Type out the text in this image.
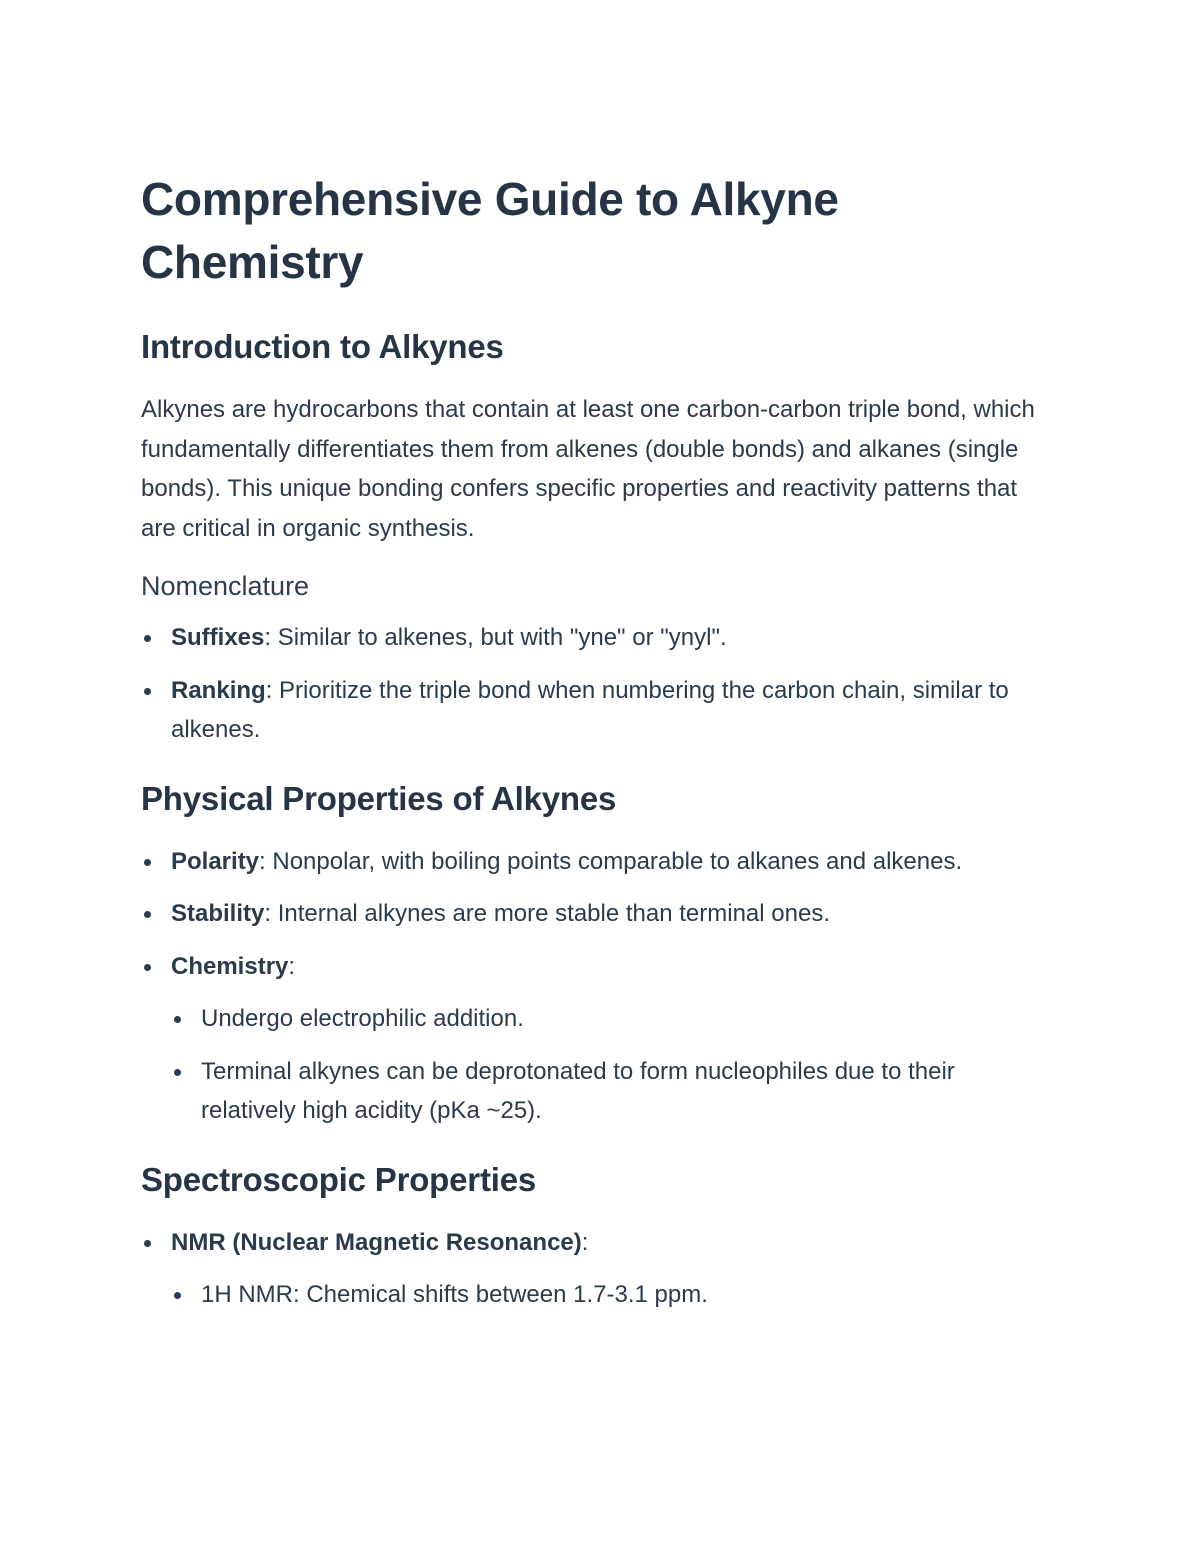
Comprehensive Guide to Alkyne Chemistry
Introduction to Alkynes

Alkynes are hydrocarbons that contain at least one carbon-carbon triple bond, which fundamentally differentiates them from alkenes (double bonds) and alkanes (single bonds). This unique bonding confers specific properties and reactivity patterns that are critical in organic synthesis.

Nomenclature
Suffixes: Similar to alkenes, but with "yne" or "ynyl".
Ranking: Prioritize the triple bond when numbering the carbon chain, similar to alkenes.
Physical Properties of Alkynes
Polarity: Nonpolar, with boiling points comparable to alkanes and alkenes.
Stability: Internal alkynes are more stable than terminal ones.
Chemistry:
Undergo electrophilic addition.
Terminal alkynes can be deprotonated to form nucleophiles due to their relatively high acidity (pKa ~25).
Spectroscopic Properties
NMR (Nuclear Magnetic Resonance):
1H NMR: Chemical shifts between 1.7-3.1 ppm.
